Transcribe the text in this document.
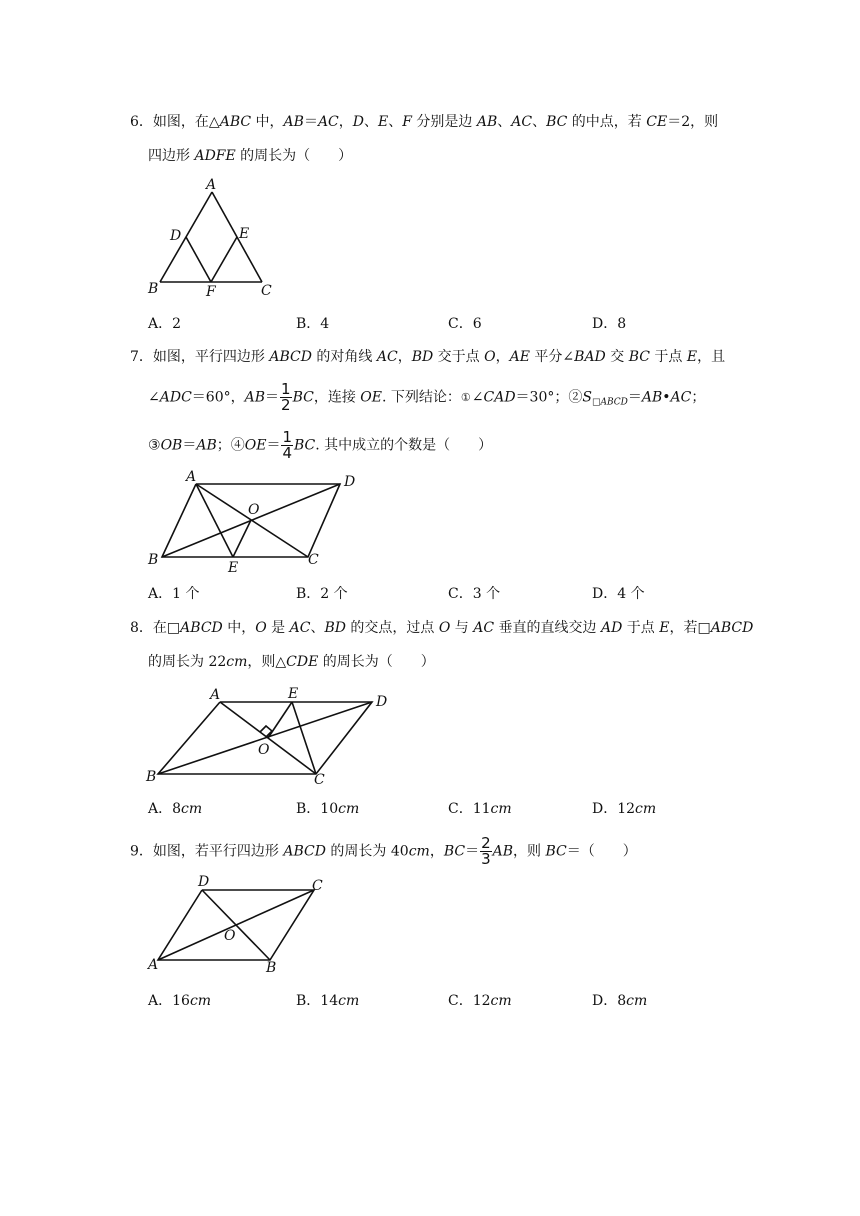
6．如图，在△ABC 中，AB＝AC，D、E、F 分别是边 AB、AC、BC 的中点，若 CE＝2，则
四边形 ADFE 的周长为（　　）
A
B	C
D	E
F
A．2	B．4	C．6	D．8
7．如图，平行四边形 ABCD 的对角线 AC，BD 交于点 O，AE 平分∠BAD 交 BC 于点 E，且
∠ADC＝60°，$AB= \frac{1}{2}$ BC，连接 OE. 下列结论：①∠CAD＝30°；$②S_{□ABCD}=AB•AC$；
③OB＝AB；④OE＝ $\frac{1}{4}$ BC. 其中成立的个数是（　　）
A	D
B	C
O
E
A．1 个	B．2 个	C．3 个	D．4 个
8．在□ABCD 中，O 是 AC、BD 的交点，过点 O 与 AC 垂直的直线交边 AD 于点 E，若□ABCD
的周长为 22cm，则△CDE 的周长为（　　）
A	E	D
B	C
O
A．8cm	B．10cm	C．11cm	D．12cm
9．如图，若平行四边形 ABCD 的周长为 40cm，$BC= \frac{2}{3}$ AB，则 BC＝（　　）
D	C
A	B
O
A．16cm	B．14cm	C．12cm	D．8cm
